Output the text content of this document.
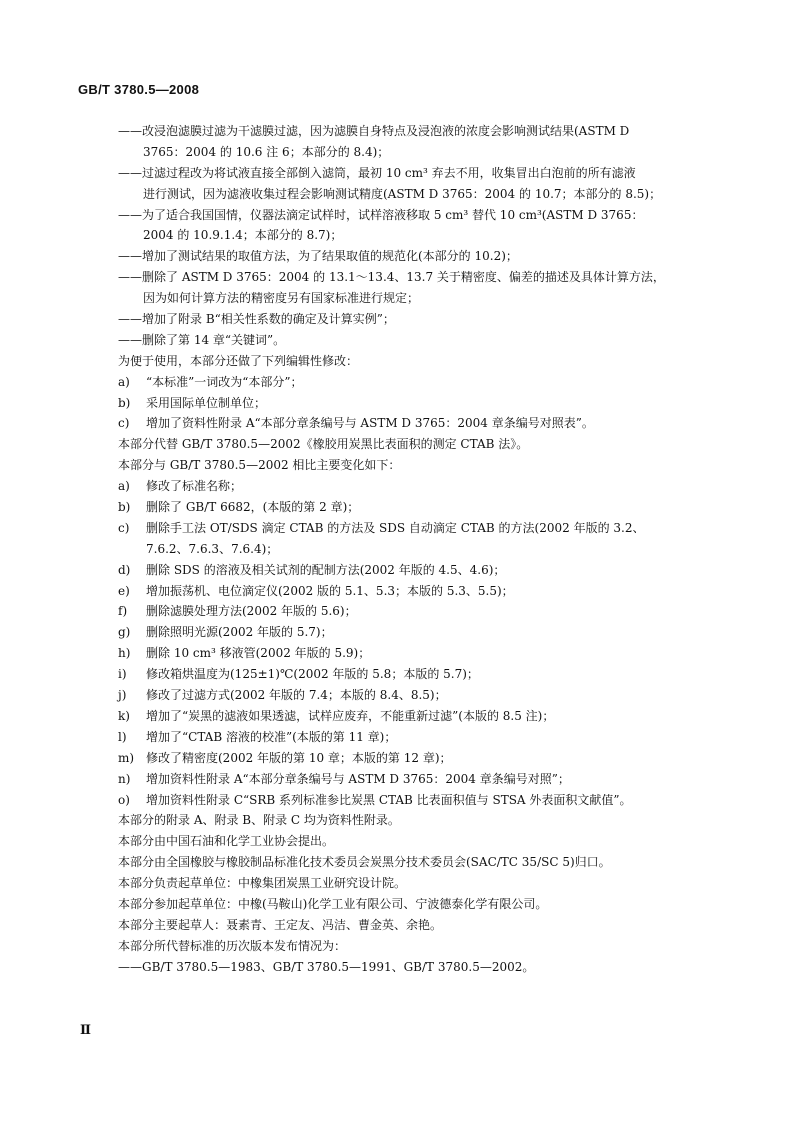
GB/T 3780.5—2008
——改浸泡滤膜过滤为干滤膜过滤，因为滤膜自身特点及浸泡液的浓度会影响测试结果(ASTM D
3765：2004 的 10.6 注 6；本部分的 8.4)；
——过滤过程改为将试液直接全部倒入滤筒，最初 10 cm³ 弃去不用，收集冒出白泡前的所有滤液
进行测试，因为滤液收集过程会影响测试精度(ASTM D 3765：2004 的 10.7；本部分的 8.5)；
——为了适合我国国情，仪器法滴定试样时，试样溶液移取 5 cm³ 替代 10 cm³(ASTM D 3765：
2004 的 10.9.1.4；本部分的 8.7)；
——增加了测试结果的取值方法，为了结果取值的规范化(本部分的 10.2)；
——删除了 ASTM D 3765：2004 的 13.1～13.4、13.7 关于精密度、偏差的描述及具体计算方法，
因为如何计算方法的精密度另有国家标准进行规定；
——增加了附录 B“相关性系数的确定及计算实例”；
——删除了第 14 章“关键词”。
为便于使用，本部分还做了下列编辑性修改：
a)	“本标准”一词改为“本部分”；
b)	采用国际单位制单位；
c)	增加了资料性附录 A“本部分章条编号与 ASTM D 3765：2004 章条编号对照表”。
本部分代替 GB/T 3780.5—2002《橡胶用炭黑比表面积的测定 CTAB 法》。
本部分与 GB/T 3780.5—2002 相比主要变化如下：
a)	修改了标准名称；
b)	删除了 GB/T 6682，(本版的第 2 章)；
c)	删除手工法 OT/SDS 滴定 CTAB 的方法及 SDS 自动滴定 CTAB 的方法(2002 年版的 3.2、
7.6.2、7.6.3、7.6.4)；
d)	删除 SDS 的溶液及相关试剂的配制方法(2002 年版的 4.5、4.6)；
e)	增加振荡机、电位滴定仪(2002 版的 5.1、5.3；本版的 5.3、5.5)；
f)	删除滤膜处理方法(2002 年版的 5.6)；
g)	删除照明光源(2002 年版的 5.7)；
h)	删除 10 cm³ 移液管(2002 年版的 5.9)；
i)	修改箱烘温度为(125±1)℃(2002 年版的 5.8；本版的 5.7)；
j)	修改了过滤方式(2002 年版的 7.4；本版的 8.4、8.5)；
k)	增加了“炭黑的滤液如果透滤，试样应废弃，不能重新过滤”(本版的 8.5 注)；
l)	增加了“CTAB 溶液的校准”(本版的第 11 章)；
m) 修改了精密度(2002 年版的第 10 章；本版的第 12 章)；
n)	增加资料性附录 A“本部分章条编号与 ASTM D 3765：2004 章条编号对照”；
o)	增加资料性附录 C“SRB 系列标准参比炭黑 CTAB 比表面积值与 STSA 外表面积文献值”。
本部分的附录 A、附录 B、附录 C 均为资料性附录。
本部分由中国石油和化学工业协会提出。
本部分由全国橡胶与橡胶制品标准化技术委员会炭黑分技术委员会(SAC/TC 35/SC 5)归口。
本部分负责起草单位：中橡集团炭黑工业研究设计院。
本部分参加起草单位：中橡(马鞍山)化学工业有限公司、宁波德泰化学有限公司。
本部分主要起草人：聂素青、王定友、冯洁、曹金英、余艳。
本部分所代替标准的历次版本发布情况为：
——GB/T 3780.5—1983、GB/T 3780.5—1991、GB/T 3780.5—2002。
Ⅱ
